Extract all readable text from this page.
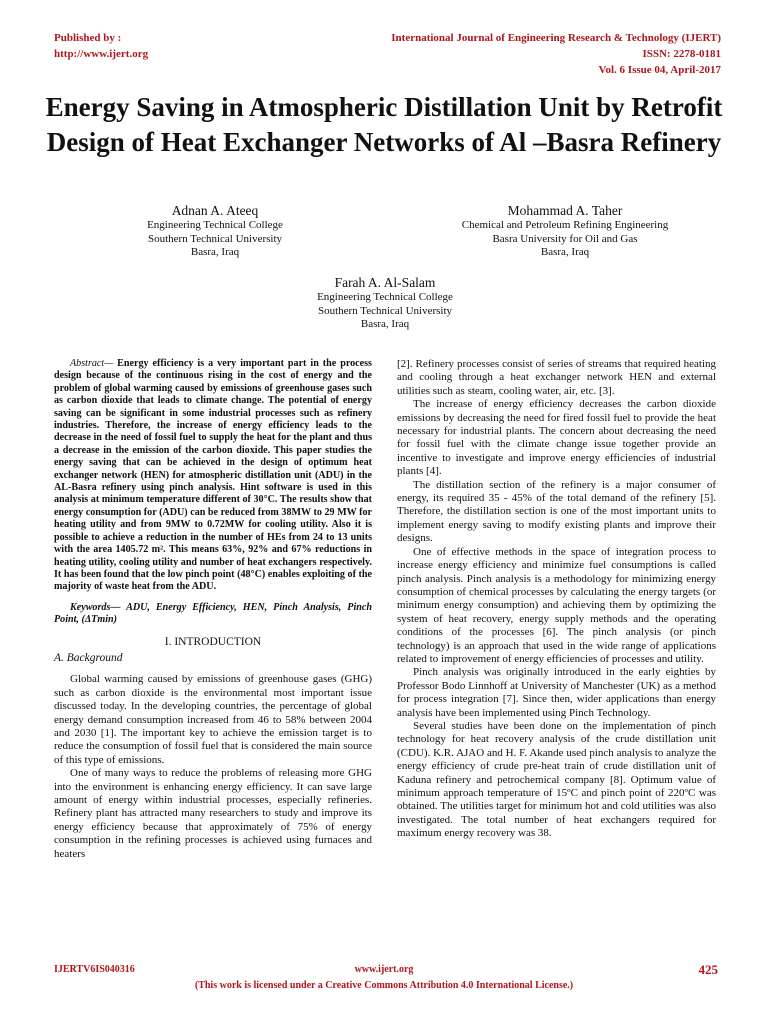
Published by :
http://www.ijert.org
International Journal of Engineering Research & Technology (IJERT)
ISSN: 2278-0181
Vol. 6 Issue 04, April-2017
Energy Saving in Atmospheric Distillation Unit by Retrofit Design of Heat Exchanger Networks of Al –Basra Refinery
Adnan A. Ateeq
Engineering Technical College
Southern Technical University
Basra, Iraq
Mohammad A. Taher
Chemical and Petroleum Refining Engineering
Basra University for Oil and Gas
Basra, Iraq
Farah A. Al-Salam
Engineering Technical College
Southern Technical University
Basra, Iraq

Abstract— Energy efficiency is a very important part in the process design because of the continuous rising in the cost of energy and the problem of global warming caused by emissions of greenhouse gases such as carbon dioxide that leads to climate change. The potential of energy saving can be significant in some industrial processes such as refinery industries. Therefore, the increase of energy efficiency leads to the decrease in the need of fossil fuel to supply the heat for the plant and thus a decrease in the emission of the carbon dioxide. This paper studies the energy saving that can be achieved in the design of optimum heat exchanger network (HEN) for atmospheric distillation unit (ADU) in the AL-Basra refinery using pinch analysis. Hint software is used in this analysis at minimum temperature different of 30°C. The results show that energy consumption for (ADU) can be reduced from 38MW to 29 MW for heating utility and from 9MW to 0.72MW for cooling utility. Also it is possible to achieve a reduction in the number of HEs from 24 to 13 units with the area 1405.72 m². This means 63%, 92% and 67% reductions in heating utility, cooling utility and number of heat exchangers respectively. It has been found that the low pinch point (48°C) enables exploiting of the majority of waste heat from the ADU.

Keywords— ADU, Energy Efficiency, HEN, Pinch Analysis, Pinch Point, (ΔTmin)

I. INTRODUCTION

A. Background

Global warming caused by emissions of greenhouse gases (GHG) such as carbon dioxide is the environmental most important issue discussed today. In the developing countries, the percentage of global energy demand consumption increased from 46 to 58% between 2004 and 2030 [1]. The important key to achieve the emission target is to reduce the consumption of fossil fuel that is considered the main source of this type of emissions.

One of many ways to reduce the problems of releasing more GHG into the environment is enhancing energy efficiency. It can save large amount of energy within industrial processes, especially refineries. Refinery plant has attracted many researchers to study and improve its energy efficiency because that approximately of 75% of energy consumption in the refining processes is achieved using furnaces and heaters

[2]. Refinery processes consist of series of streams that required heating and cooling through a heat exchanger network HEN and external utilities such as steam, cooling water, air, etc. [3].

The increase of energy efficiency decreases the carbon dioxide emissions by decreasing the need for fired fossil fuel to provide the heat necessary for industrial plants. The concern about decreasing the need for fossil fuel with the climate change issue together provide an incentive to investigate and improve energy efficiencies of industrial plants [4].

The distillation section of the refinery is a major consumer of energy, its required 35 - 45% of the total demand of the refinery [5]. Therefore, the distillation section is one of the most important units to implement energy saving to modify existing plants and improve their designs.

One of effective methods in the space of integration process to increase energy efficiency and minimize fuel consumptions is called pinch analysis. Pinch analysis is a methodology for minimizing energy consumption of chemical processes by calculating the energy targets (or minimum energy consumption) and achieving them by optimizing the system of heat recovery, energy supply methods and the operating conditions of the processes [6]. The pinch analysis (or pinch technology) is an approach that used in the wide range of applications related to improvement of energy efficiencies of processes and utility.

Pinch analysis was originally introduced in the early eighties by Professor Bodo Linnhoff at University of Manchester (UK) as a method for process integration [7]. Since then, wider applications than energy analysis have been implemented using Pinch Technology.

Several studies have been done on the implementation of pinch technology for heat recovery analysis of the crude distillation unit (CDU). K.R. AJAO and H. F. Akande used pinch analysis to analyze the energy efficiency of crude pre-heat train of crude distillation unit of Kaduna refinery and petrochemical company [8]. Optimum value of minimum approach temperature of 15ºC and pinch point of 220ºC was obtained. The utilities target for minimum hot and cold utilities was also investigated. The total number of heat exchangers required for maximum energy recovery was 38.

IJERTV6IS040316	www.ijert.org
(This work is licensed under a Creative Commons Attribution 4.0 International License.)
425
